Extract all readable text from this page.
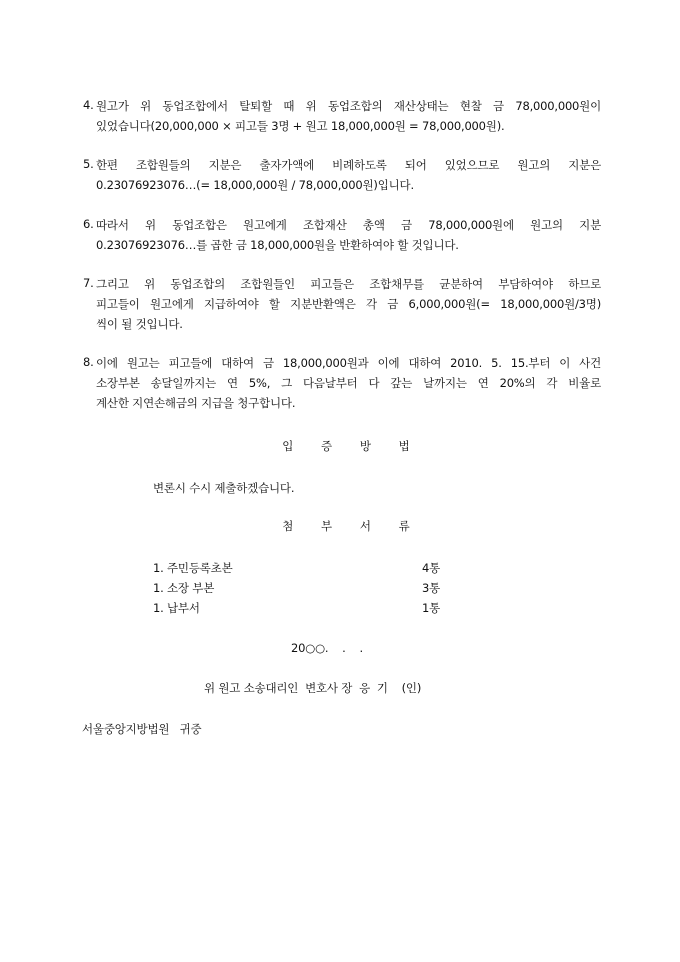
4. 원고가 위 동업조합에서 탈퇴할 때 위 동업조합의 재산상태는 현찰 금 78,000,000원이
있었습니다(20,000,000 × 피고들 3명 + 원고 18,000,000원 = 78,000,000원).
5. 한편 조합원들의 지분은 출자가액에 비례하도록 되어 있었으므로 원고의 지분은
0.23076923076…(= 18,000,000원 / 78,000,000원)입니다.
6. 따라서 위 동업조합은 원고에게 조합재산 총액 금 78,000,000원에 원고의 지분
0.23076923076…를 곱한 금 18,000,000원을 반환하여야 할 것입니다.
7. 그리고 위 동업조합의 조합원들인 피고들은 조합채무를 균분하여 부담하여야 하므로
피고들이 원고에게 지급하여야 할 지분반환액은 각 금 6,000,000원(= 18,000,000원/3명)
씩이 될 것입니다.
8. 이에 원고는 피고들에 대하여 금 18,000,000원과 이에 대하여 2010. 5. 15.부터 이 사건
소장부본 송달일까지는 연 5%, 그 다음날부터 다 갚는 날까지는 연 20%의 각 비율로
계산한 지연손해금의 지급을 청구합니다.
입 증 방 법
변론시 수시 제출하겠습니다.
첨 부 서 류
1. 주민등록초본	4통
1. 소장 부본	3통
1. 납부서	1통
20○○.    .    .
위 원고 소송대리인  변호사 장  응  기    (인)
서울중앙지방법원   귀중
